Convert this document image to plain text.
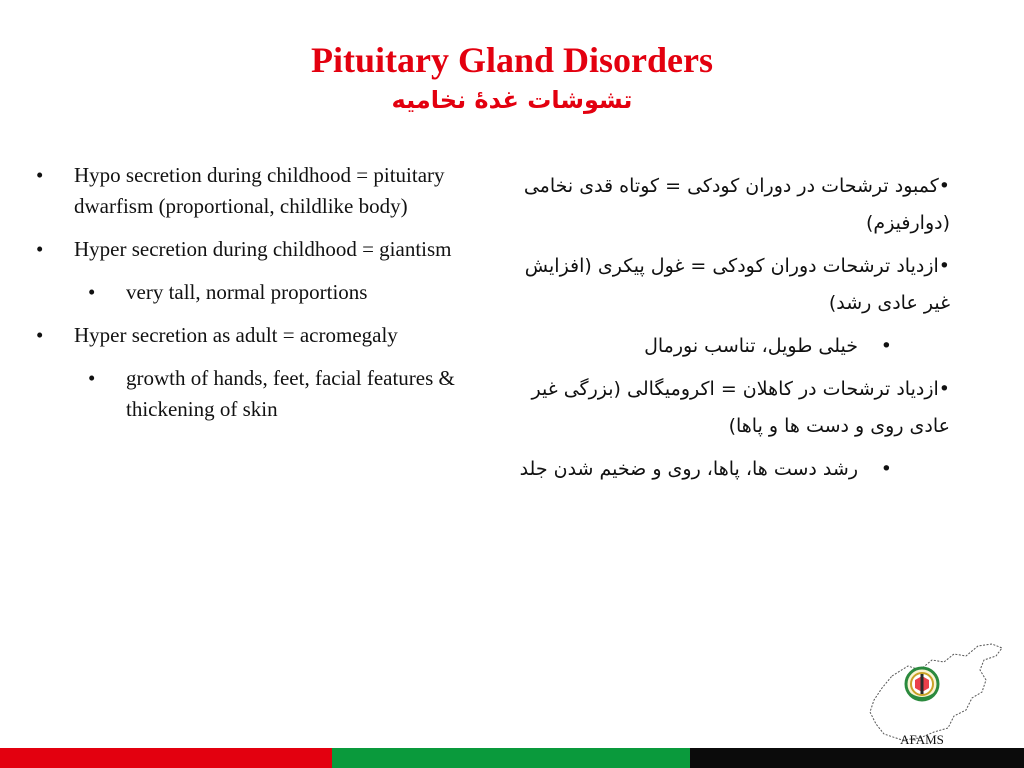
Pituitary Gland Disorders
تشوشات غدهٔ نخامیه
• Hypo secretion during childhood = pituitary dwarfism (proportional, childlike body)
• Hyper secretion during childhood = giantism
• very tall, normal proportions
• Hyper secretion as adult = acromegaly
• growth of hands, feet, facial features & thickening of skin
•کمبود ترشحات در دوران کودکی = کوتاه قدی نخامی (دوارفیزم)
•ازدیاد ترشحات دوران کودکی = غول پیکری (افزایش غیر عادی رشد)
•
خیلی طویل، تناسب نورمال
•ازدیاد ترشحات در کاهلان = اکرومیگالی (بزرگی غیر عادی روی و دست ها و پاها)
•
رشد دست ها، پاها، روی و ضخیم شدن جلد
AFAMS
